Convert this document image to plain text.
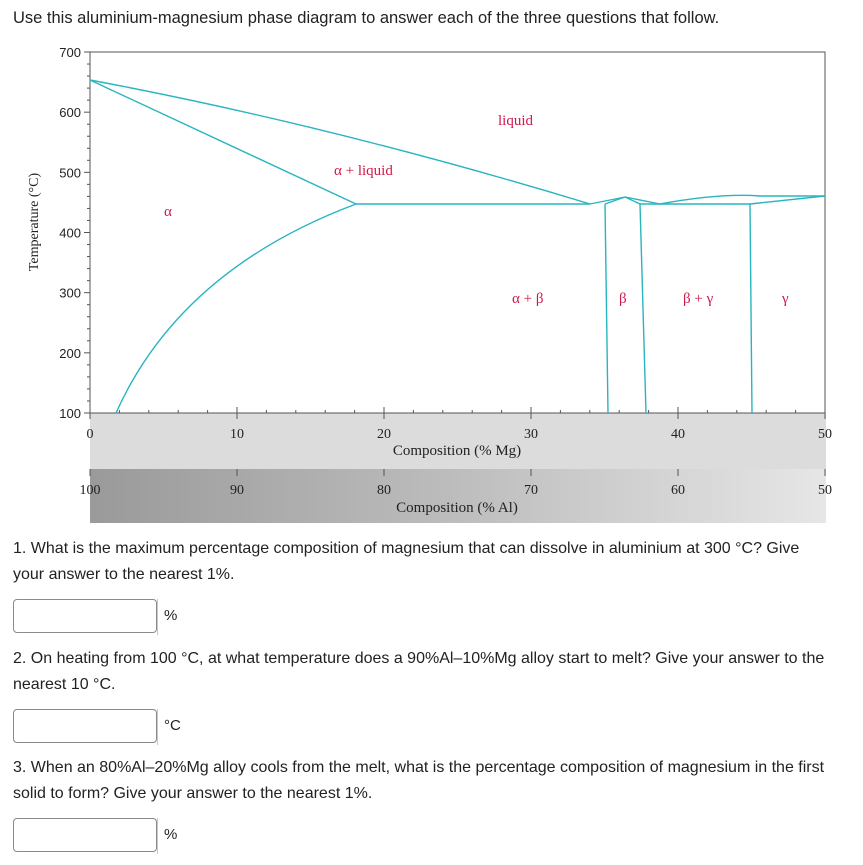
Use this aluminium-magnesium phase diagram to answer each of the three questions that follow.
700
600
500
400
300
200
100
0	10	20	30	40	50
100	90	80	70	60	50
liquid
α + liquid
α
α + β	β	β + γ	γ
Temperature (°C)
Composition (% Mg)
Composition (% Al)
1. What is the maximum percentage composition of magnesium that can dissolve in aluminium at 300 °C? Give your answer to the nearest 1%.
%
2. On heating from 100 °C, at what temperature does a 90%Al–10%Mg alloy start to melt? Give your answer to the nearest 10 °C.
°C
3. When an 80%Al–20%Mg alloy cools from the melt, what is the percentage composition of magnesium in the first solid to form? Give your answer to the nearest 1%.
%
